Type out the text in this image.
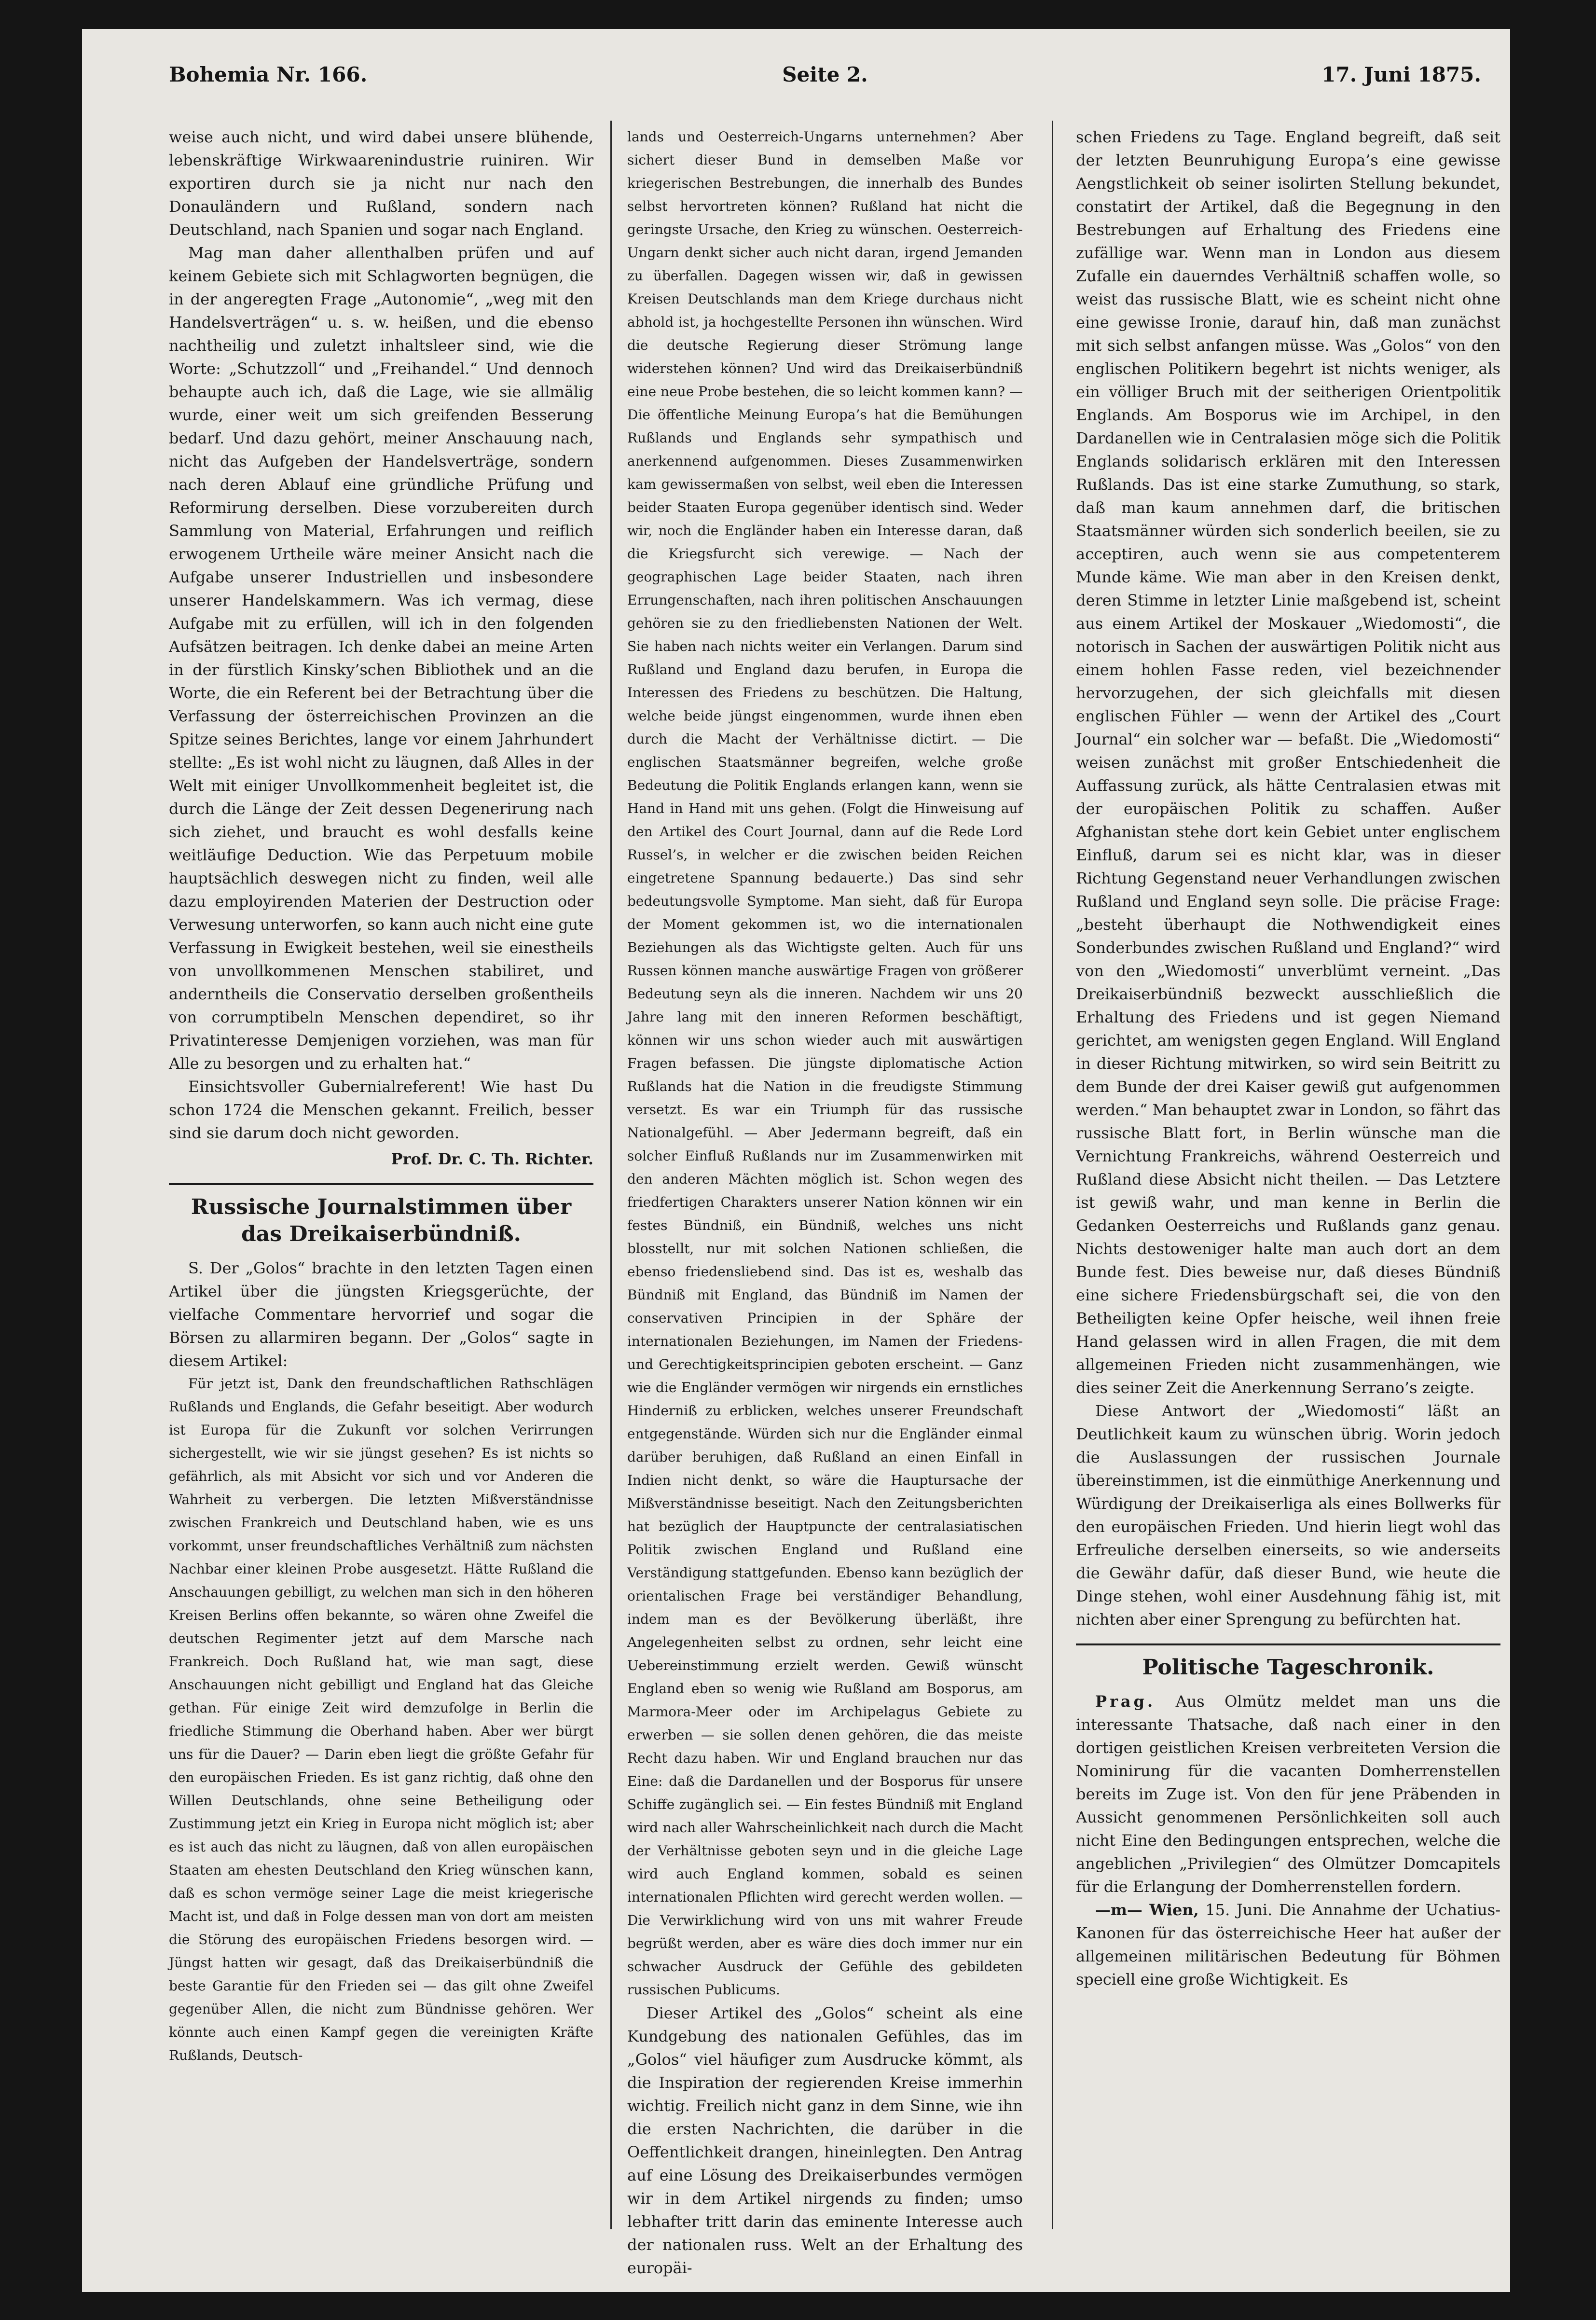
Bohemia Nr. 166.	Seite 2.	17. Juni 1875.

weise auch nicht, und wird dabei unsere blühende, lebenskräftige Wirkwaarenindustrie ruiniren. Wir exportiren durch sie ja nicht nur nach den Donauländern und Rußland, sondern nach Deutschland, nach Spanien und sogar nach England.

Mag man daher allenthalben prüfen und auf keinem Gebiete sich mit Schlagworten begnügen, die in der angeregten Frage „Autonomie“, „weg mit den Handelsverträgen“ u. s. w. heißen, und die ebenso nachtheilig und zuletzt inhaltsleer sind, wie die Worte: „Schutzzoll“ und „Freihandel.“ Und dennoch behaupte auch ich, daß die Lage, wie sie allmälig wurde, einer weit um sich greifenden Besserung bedarf. Und dazu gehört, meiner Anschauung nach, nicht das Aufgeben der Handelsverträge, sondern nach deren Ablauf eine gründliche Prüfung und Reformirung derselben. Diese vorzubereiten durch Sammlung von Material, Erfahrungen und reiflich erwogenem Urtheile wäre meiner Ansicht nach die Aufgabe unserer Industriellen und insbesondere unserer Handelskammern. Was ich vermag, diese Aufgabe mit zu erfüllen, will ich in den folgenden Aufsätzen beitragen. Ich denke dabei an meine Arten in der fürstlich Kinsky’schen Bibliothek und an die Worte, die ein Referent bei der Betrachtung über die Verfassung der österreichischen Provinzen an die Spitze seines Berichtes, lange vor einem Jahrhundert stellte: „Es ist wohl nicht zu läugnen, daß Alles in der Welt mit einiger Unvollkommenheit begleitet ist, die durch die Länge der Zeit dessen Degenerirung nach sich ziehet, und braucht es wohl desfalls keine weitläufige Deduction. Wie das Perpetuum mobile hauptsächlich deswegen nicht zu finden, weil alle dazu employirenden Materien der Destruction oder Verwesung unterworfen, so kann auch nicht eine gute Verfassung in Ewigkeit bestehen, weil sie einestheils von unvollkommenen Menschen stabiliret, und anderntheils die Conservatio derselben großentheils von corrumptibeln Menschen dependiret, so ihr Privatinteresse Demjenigen vorziehen, was man für Alle zu besorgen und zu erhalten hat.“

Einsichtsvoller Gubernialreferent! Wie hast Du schon 1724 die Menschen gekannt. Freilich, besser sind sie darum doch nicht geworden.

Prof. Dr. C. Th. Richter.
Russische Journalstimmen über das Dreikaiserbündniß.

S. Der „Golos“ brachte in den letzten Tagen einen Artikel über die jüngsten Kriegsgerüchte, der vielfache Commentare hervorrief und sogar die Börsen zu allarmiren begann. Der „Golos“ sagte in diesem Artikel:

Für jetzt ist, Dank den freundschaftlichen Rathschlägen Rußlands und Englands, die Gefahr beseitigt. Aber wodurch ist Europa für die Zukunft vor solchen Verirrungen sichergestellt, wie wir sie jüngst gesehen? Es ist nichts so gefährlich, als mit Absicht vor sich und vor Anderen die Wahrheit zu verbergen. Die letzten Mißverständnisse zwischen Frankreich und Deutschland haben, wie es uns vorkommt, unser freundschaftliches Verhältniß zum nächsten Nachbar einer kleinen Probe ausgesetzt. Hätte Rußland die Anschauungen gebilligt, zu welchen man sich in den höheren Kreisen Berlins offen bekannte, so wären ohne Zweifel die deutschen Regimenter jetzt auf dem Marsche nach Frankreich. Doch Rußland hat, wie man sagt, diese Anschauungen nicht gebilligt und England hat das Gleiche gethan. Für einige Zeit wird demzufolge in Berlin die friedliche Stimmung die Oberhand haben. Aber wer bürgt uns für die Dauer? — Darin eben liegt die größte Gefahr für den europäischen Frieden. Es ist ganz richtig, daß ohne den Willen Deutschlands, ohne seine Betheiligung oder Zustimmung jetzt ein Krieg in Europa nicht möglich ist; aber es ist auch das nicht zu läugnen, daß von allen europäischen Staaten am ehesten Deutschland den Krieg wünschen kann, daß es schon vermöge seiner Lage die meist kriegerische Macht ist, und daß in Folge dessen man von dort am meisten die Störung des europäischen Friedens besorgen wird. — Jüngst hatten wir gesagt, daß das Dreikaiserbündniß die beste Garantie für den Frieden sei — das gilt ohne Zweifel gegenüber Allen, die nicht zum Bündnisse gehören. Wer könnte auch einen Kampf gegen die vereinigten Kräfte Rußlands, Deutsch-

lands und Oesterreich-Ungarns unternehmen? Aber sichert dieser Bund in demselben Maße vor kriegerischen Bestrebungen, die innerhalb des Bundes selbst hervortreten können? Rußland hat nicht die geringste Ursache, den Krieg zu wünschen. Oesterreich-Ungarn denkt sicher auch nicht daran, irgend Jemanden zu überfallen. Dagegen wissen wir, daß in gewissen Kreisen Deutschlands man dem Kriege durchaus nicht abhold ist, ja hochgestellte Personen ihn wünschen. Wird die deutsche Regierung dieser Strömung lange widerstehen können? Und wird das Dreikaiserbündniß eine neue Probe bestehen, die so leicht kommen kann? — Die öffentliche Meinung Europa’s hat die Bemühungen Rußlands und Englands sehr sympathisch und anerkennend aufgenommen. Dieses Zusammenwirken kam gewissermaßen von selbst, weil eben die Interessen beider Staaten Europa gegenüber identisch sind. Weder wir, noch die Engländer haben ein Interesse daran, daß die Kriegsfurcht sich verewige. — Nach der geographischen Lage beider Staaten, nach ihren Errungenschaften, nach ihren politischen Anschauungen gehören sie zu den friedliebensten Nationen der Welt. Sie haben nach nichts weiter ein Verlangen. Darum sind Rußland und England dazu berufen, in Europa die Interessen des Friedens zu beschützen. Die Haltung, welche beide jüngst eingenommen, wurde ihnen eben durch die Macht der Verhältnisse dictirt. — Die englischen Staatsmänner begreifen, welche große Bedeutung die Politik Englands erlangen kann, wenn sie Hand in Hand mit uns gehen. (Folgt die Hinweisung auf den Artikel des Court Journal, dann auf die Rede Lord Russel’s, in welcher er die zwischen beiden Reichen eingetretene Spannung bedauerte.) Das sind sehr bedeutungsvolle Symptome. Man sieht, daß für Europa der Moment gekommen ist, wo die internationalen Beziehungen als das Wichtigste gelten. Auch für uns Russen können manche auswärtige Fragen von größerer Bedeutung seyn als die inneren. Nachdem wir uns 20 Jahre lang mit den inneren Reformen beschäftigt, können wir uns schon wieder auch mit auswärtigen Fragen befassen. Die jüngste diplomatische Action Rußlands hat die Nation in die freudigste Stimmung versetzt. Es war ein Triumph für das russische Nationalgefühl. — Aber Jedermann begreift, daß ein solcher Einfluß Rußlands nur im Zusammenwirken mit den anderen Mächten möglich ist. Schon wegen des friedfertigen Charakters unserer Nation können wir ein festes Bündniß, ein Bündniß, welches uns nicht blosstellt, nur mit solchen Nationen schließen, die ebenso friedensliebend sind. Das ist es, weshalb das Bündniß mit England, das Bündniß im Namen der conservativen Principien in der Sphäre der internationalen Beziehungen, im Namen der Friedens- und Gerechtigkeitsprincipien geboten erscheint. — Ganz wie die Engländer vermögen wir nirgends ein ernstliches Hinderniß zu erblicken, welches unserer Freundschaft entgegenstände. Würden sich nur die Engländer einmal darüber beruhigen, daß Rußland an einen Einfall in Indien nicht denkt, so wäre die Hauptursache der Mißverständnisse beseitigt. Nach den Zeitungsberichten hat bezüglich der Hauptpuncte der centralasiatischen Politik zwischen England und Rußland eine Verständigung stattgefunden. Ebenso kann bezüglich der orientalischen Frage bei verständiger Behandlung, indem man es der Bevölkerung überläßt, ihre Angelegenheiten selbst zu ordnen, sehr leicht eine Uebereinstimmung erzielt werden. Gewiß wünscht England eben so wenig wie Rußland am Bosporus, am Marmora-Meer oder im Archipelagus Gebiete zu erwerben — sie sollen denen gehören, die das meiste Recht dazu haben. Wir und England brauchen nur das Eine: daß die Dardanellen und der Bosporus für unsere Schiffe zugänglich sei. — Ein festes Bündniß mit England wird nach aller Wahrscheinlichkeit nach durch die Macht der Verhältnisse geboten seyn und in die gleiche Lage wird auch England kommen, sobald es seinen internationalen Pflichten wird gerecht werden wollen. — Die Verwirklichung wird von uns mit wahrer Freude begrüßt werden, aber es wäre dies doch immer nur ein schwacher Ausdruck der Gefühle des gebildeten russischen Publicums.

Dieser Artikel des „Golos“ scheint als eine Kundgebung des nationalen Gefühles, das im „Golos“ viel häufiger zum Ausdrucke kömmt, als die Inspiration der regierenden Kreise immerhin wichtig. Freilich nicht ganz in dem Sinne, wie ihn die ersten Nachrichten, die darüber in die Oeffentlichkeit drangen, hineinlegten. Den Antrag auf eine Lösung des Dreikaiserbundes vermögen wir in dem Artikel nirgends zu finden; umso lebhafter tritt darin das eminente Interesse auch der nationalen russ. Welt an der Erhaltung des europäi-

schen Friedens zu Tage. England begreift, daß seit der letzten Beunruhigung Europa’s eine gewisse Aengstlichkeit ob seiner isolirten Stellung bekundet, constatirt der Artikel, daß die Begegnung in den Bestrebungen auf Erhaltung des Friedens eine zufällige war. Wenn man in London aus diesem Zufalle ein dauerndes Verhältniß schaffen wolle, so weist das russische Blatt, wie es scheint nicht ohne eine gewisse Ironie, darauf hin, daß man zunächst mit sich selbst anfangen müsse. Was „Golos“ von den englischen Politikern begehrt ist nichts weniger, als ein völliger Bruch mit der seitherigen Orientpolitik Englands. Am Bosporus wie im Archipel, in den Dardanellen wie in Centralasien möge sich die Politik Englands solidarisch erklären mit den Interessen Rußlands. Das ist eine starke Zumuthung, so stark, daß man kaum annehmen darf, die britischen Staatsmänner würden sich sonderlich beeilen, sie zu acceptiren, auch wenn sie aus competenterem Munde käme. Wie man aber in den Kreisen denkt, deren Stimme in letzter Linie maßgebend ist, scheint aus einem Artikel der Moskauer „Wiedomosti“, die notorisch in Sachen der auswärtigen Politik nicht aus einem hohlen Fasse reden, viel bezeichnender hervorzugehen, der sich gleichfalls mit diesen englischen Fühler — wenn der Artikel des „Court Journal“ ein solcher war — befaßt. Die „Wiedomosti“ weisen zunächst mit großer Entschiedenheit die Auffassung zurück, als hätte Centralasien etwas mit der europäischen Politik zu schaffen. Außer Afghanistan stehe dort kein Gebiet unter englischem Einfluß, darum sei es nicht klar, was in dieser Richtung Gegenstand neuer Verhandlungen zwischen Rußland und England seyn solle. Die präcise Frage: „besteht überhaupt die Nothwendigkeit eines Sonderbundes zwischen Rußland und England?“ wird von den „Wiedomosti“ unverblümt verneint. „Das Dreikaiserbündniß bezweckt ausschließlich die Erhaltung des Friedens und ist gegen Niemand gerichtet, am wenigsten gegen England. Will England in dieser Richtung mitwirken, so wird sein Beitritt zu dem Bunde der drei Kaiser gewiß gut aufgenommen werden.“ Man behauptet zwar in London, so fährt das russische Blatt fort, in Berlin wünsche man die Vernichtung Frankreichs, während Oesterreich und Rußland diese Absicht nicht theilen. — Das Letztere ist gewiß wahr, und man kenne in Berlin die Gedanken Oesterreichs und Rußlands ganz genau. Nichts destoweniger halte man auch dort an dem Bunde fest. Dies beweise nur, daß dieses Bündniß eine sichere Friedensbürgschaft sei, die von den Betheiligten keine Opfer heische, weil ihnen freie Hand gelassen wird in allen Fragen, die mit dem allgemeinen Frieden nicht zusammenhängen, wie dies seiner Zeit die Anerkennung Serrano’s zeigte.

Diese Antwort der „Wiedomosti“ läßt an Deutlichkeit kaum zu wünschen übrig. Worin jedoch die Auslassungen der russischen Journale übereinstimmen, ist die einmüthige Anerkennung und Würdigung der Dreikaiserliga als eines Bollwerks für den europäischen Frieden. Und hierin liegt wohl das Erfreuliche derselben einerseits, so wie anderseits die Gewähr dafür, daß dieser Bund, wie heute die Dinge stehen, wohl einer Ausdehnung fähig ist, mit nichten aber einer Sprengung zu befürchten hat.

Politische Tageschronik.

Prag. Aus Olmütz meldet man uns die interessante Thatsache, daß nach einer in den dortigen geistlichen Kreisen verbreiteten Version die Nominirung für die vacanten Domherrenstellen bereits im Zuge ist. Von den für jene Präbenden in Aussicht genommenen Persönlichkeiten soll auch nicht Eine den Bedingungen entsprechen, welche die angeblichen „Privilegien“ des Olmützer Domcapitels für die Erlangung der Domherrenstellen fordern.

—m— Wien, 15. Juni. Die Annahme der Uchatius-Kanonen für das österreichische Heer hat außer der allgemeinen militärischen Bedeutung für Böhmen speciell eine große Wichtigkeit. Es
